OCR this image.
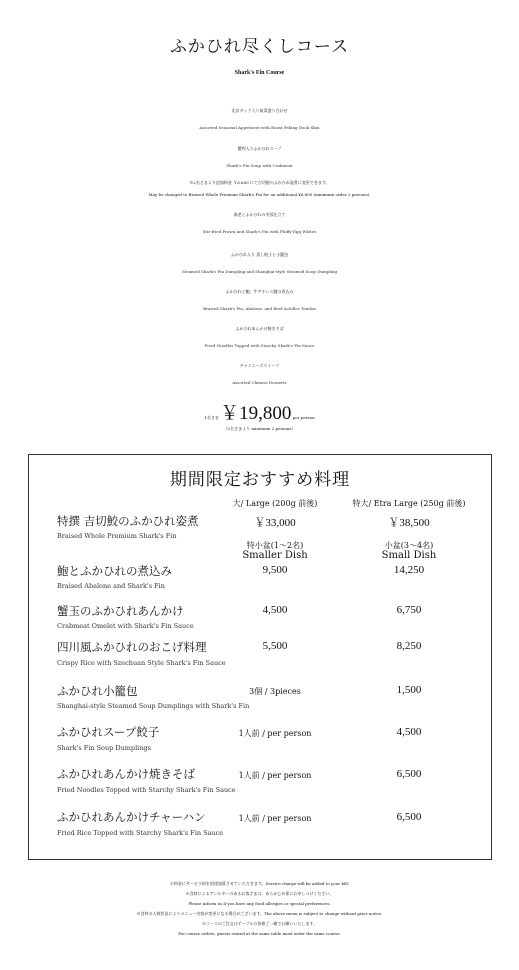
ふかひれ尽くしコース
Shark's Fin Course
北京ダック入り前菜盛り合わせ
Assorted Seasonal Appetizers with Roast Peking Duck Skin
蟹肉入りふかひれスープ
Shark's Fin Soup with Crabmeat
※2名さまより追加料金 ￥6,600 にて吉切鮫のふかひれ姿煮に変更できます。
May be changed to Braised Whole Premium Shark's Fin for an additional ¥6,600 (minimum order 2 persons).
海老とふかひれの芙蓉仕立て
Stir-fried Prawn and Shark's Fin with Fluffy Egg Whites
ふかひれ入り 蒸し餃子と小籠包
Steamed Shark's Fin Dumpling and Shanghai-style Steamed Soup Dumpling
ふかひれと鮑、牛アキレス腱の煮込み
Braised Shark's Fin, Abalone, and Beef Achilles Tendon
ふかひれあんかけ焼きそば
Fried Noodles Topped with Starchy Shark's Fin Sauce
チャイニーズスイーツ
Assorted Chinese Desserts
1名さま ￥19,800 per person
（2名さまより minimum 2 persons）
期間限定おすすめ料理
大/ Large (200g 前後)	特大/ Etra Large (250g 前後)
特撰 吉切鮫のふかひれ姿煮
Braised Whole Premium Shark's Fin
￥33,000	￥38,500
特小盆(1～2名)
Smaller Dish
小盆(3～4名)
Small Dish
鮑とふかひれの煮込み
Braised Abalone and Shark's Fin
9,500	14,250
蟹玉のふかひれあんかけ
Crabmeat Omelet with Shark's Fin Sauce
4,500	6,750
四川風ふかひれのおこげ料理
Crispy Rice with Szechuan Style Shark's Fin Sauce
5,500	8,250
ふかひれ小籠包
Shanghai-style Steamed Soup Dumplings with Shark's Fin
3個 / 3pieces	1,500
ふかひれスープ餃子
Shark's Fin Soup Dumplings
1人前 / per person	4,500
ふかひれあんかけ焼きそば
Fried Noodles Topped with Starchy Shark's Fin Sauce
1人前 / per person	6,500
ふかひれあんかけチャーハン
Fried Rice Topped with Starchy Shark's Fin Sauce
1人前 / per person	6,500
※料金にサービス料を別途加算させていただきます。Service charge will be added to your bill.
※食材によるアレルギーのあるお客さまは、あらかじめ係にお申しつけください。
Please inform us if you have any food allergies or special preferences.
※食材の入荷状況によりメニュー内容が変更になる場合がございます。The above menu is subject to change without prior notice.
※コースのご注文はテーブルの皆様ご一緒でお願いいたします。
For course orders, guests seated at the same table must order the same course.
